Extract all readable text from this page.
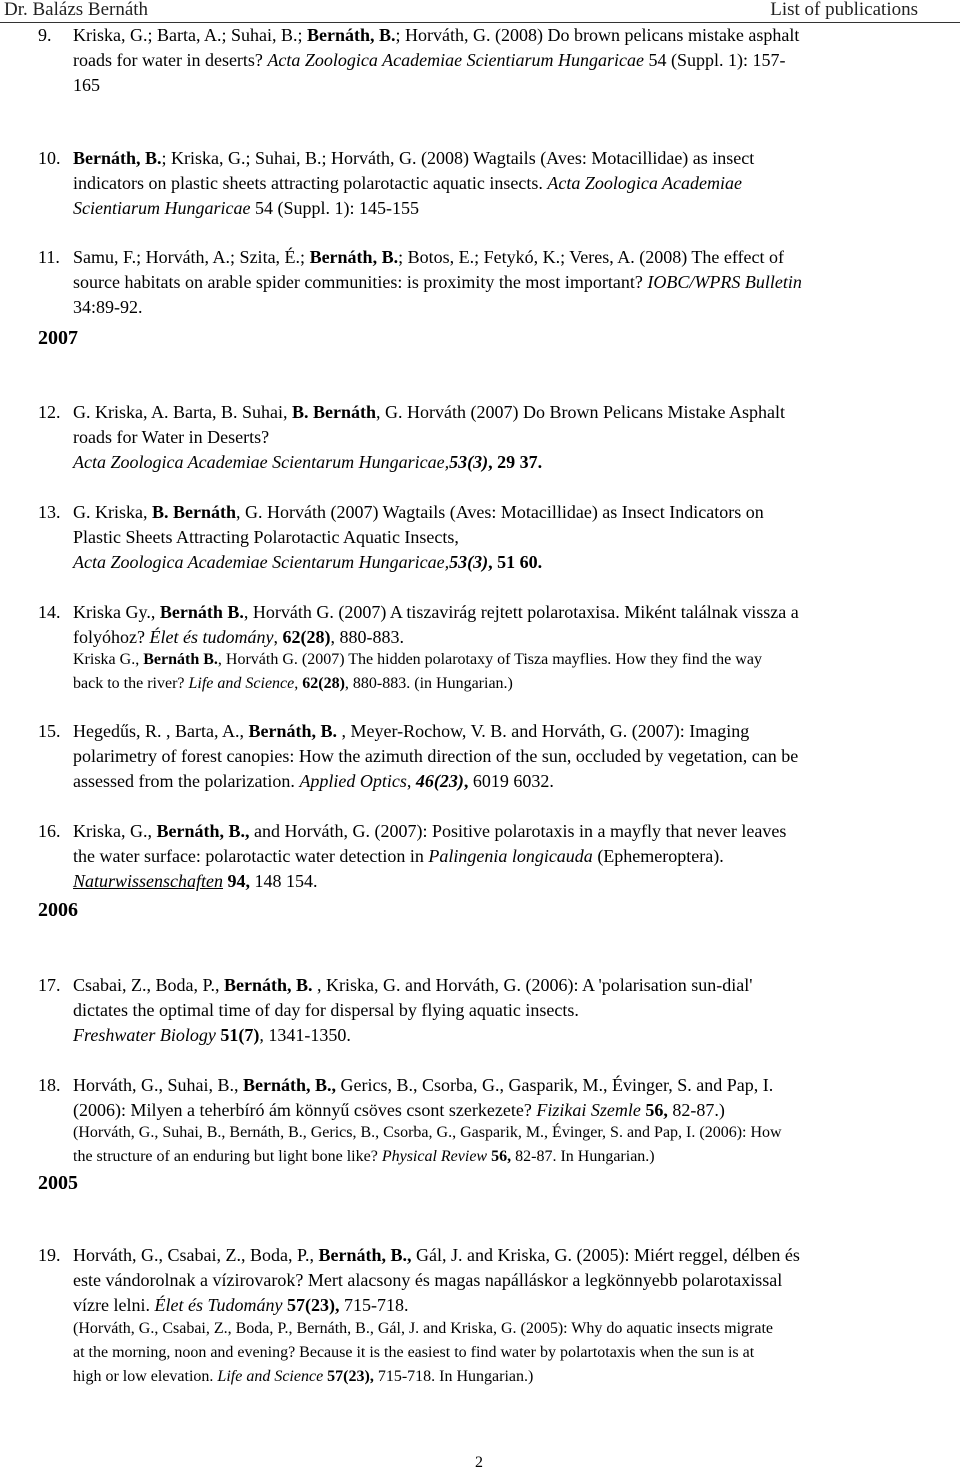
Dr. Balázs Bernáth	List of publications
2007
2006
2005
9. Kriska, G.; Barta, A.; Suhai, B.; Bernáth, B.; Horváth, G. (2008) Do brown pelicans mistake asphalt
roads for water in deserts? Acta Zoologica Academiae Scientiarum Hungaricae 54 (Suppl. 1): 157-
165
10. Bernáth, B.; Kriska, G.; Suhai, B.; Horváth, G. (2008) Wagtails (Aves: Motacillidae) as insect
indicators on plastic sheets attracting polarotactic aquatic insects. Acta Zoologica Academiae
Scientiarum Hungaricae 54 (Suppl. 1): 145-155
11. Samu, F.; Horváth, A.; Szita, É.; Bernáth, B.; Botos, E.; Fetykó, K.; Veres, A. (2008) The effect of
source habitats on arable spider communities: is proximity the most important? IOBC/WPRS Bulletin
34:89-92.
12. G. Kriska, A. Barta, B. Suhai, B. Bernáth, G. Horváth (2007) Do Brown Pelicans Mistake Asphalt
roads for Water in Deserts?
Acta Zoologica Academiae Scientarum Hungaricae,53(3), 29 37.
13. G. Kriska, B. Bernáth, G. Horváth (2007) Wagtails (Aves: Motacillidae) as Insect Indicators on
Plastic Sheets Attracting Polarotactic Aquatic Insects,
Acta Zoologica Academiae Scientarum Hungaricae,53(3), 51 60.
14. Kriska Gy., Bernáth B., Horváth G. (2007) A tiszavirág rejtett polarotaxisa. Miként találnak vissza a
folyóhoz? Élet és tudomány, 62(28), 880-883.
Kriska G., Bernáth B., Horváth G. (2007) The hidden polarotaxy of Tisza mayflies. How they find the way
back to the river? Life and Science, 62(28), 880-883. (in Hungarian.)
15. Hegedűs, R. , Barta, A., Bernáth, B. , Meyer-Rochow, V. B. and Horváth, G. (2007): Imaging
polarimetry of forest canopies: How the azimuth direction of the sun, occluded by vegetation, can be
assessed from the polarization. Applied Optics, 46(23), 6019 6032.
16. Kriska, G., Bernáth, B., and Horváth, G. (2007): Positive polarotaxis in a mayfly that never leaves
the water surface: polarotactic water detection in Palingenia longicauda (Ephemeroptera).
Naturwissenschaften 94, 148 154.
17. Csabai, Z., Boda, P., Bernáth, B. , Kriska, G. and Horváth, G. (2006): A 'polarisation sun-dial'
dictates the optimal time of day for dispersal by flying aquatic insects.
Freshwater Biology 51(7), 1341-1350.
18. Horváth, G., Suhai, B., Bernáth, B., Gerics, B., Csorba, G., Gasparik, M., Évinger, S. and Pap, I.
(2006): Milyen a teherbíró ám könnyű csöves csont szerkezete? Fizikai Szemle 56, 82-87.)
(Horváth, G., Suhai, B., Bernáth, B., Gerics, B., Csorba, G., Gasparik, M., Évinger, S. and Pap, I. (2006): How
the structure of an enduring but light bone like? Physical Review 56, 82-87. In Hungarian.)
19. Horváth, G., Csabai, Z., Boda, P., Bernáth, B., Gál, J. and Kriska, G. (2005): Miért reggel, délben és
este vándorolnak a vízirovarok? Mert alacsony és magas napálláskor a legkönnyebb polarotaxissal
vízre lelni. Élet és Tudomány 57(23), 715-718.
(Horváth, G., Csabai, Z., Boda, P., Bernáth, B., Gál, J. and Kriska, G. (2005): Why do aquatic insects migrate
at the morning, noon and evening? Because it is the easiest to find water by polartotaxis when the sun is at
high or low elevation. Life and Science 57(23), 715-718. In Hungarian.)
2
